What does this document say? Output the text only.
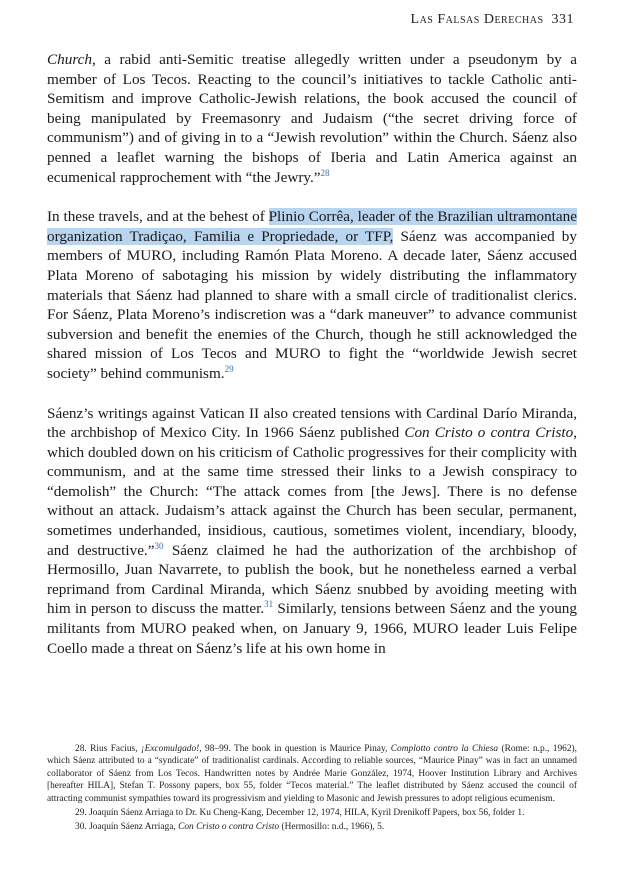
Las Falsas Derechas 331

Church, a rabid anti-Semitic treatise allegedly written under a pseudonym by a member of Los Tecos. Reacting to the council’s initiatives to tackle Catholic anti-Semitism and improve Catholic-Jewish relations, the book accused the council of being manipulated by Freemasonry and Judaism (“the secret driving force of communism”) and of giving in to a “Jewish revolution” within the Church. Sáenz also penned a leaflet warning the bishops of Iberia and Latin America against an ecumenical rapprochement with “the Jewry.”$^{28}$

In these travels, and at the behest of Plinio Corrêa, leader of the Brazilian ultramontane organization Tradiçao, Familia e Propriedade, or TFP, Sáenz was accompanied by members of MURO, including Ramón Plata Moreno. A decade later, Sáenz accused Plata Moreno of sabotaging his mission by widely distributing the inflammatory materials that Sáenz had planned to share with a small circle of traditionalist clerics. For Sáenz, Plata Moreno’s indiscretion was a “dark maneuver” to advance communist subversion and benefit the enemies of the Church, though he still acknowledged the shared mission of Los Tecos and MURO to fight the “worldwide Jewish secret society” behind communism.$^{29}$

Sáenz’s writings against Vatican II also created tensions with Cardinal Darío Miranda, the archbishop of Mexico City. In 1966 Sáenz published Con Cristo o contra Cristo, which doubled down on his criticism of Catholic progressives for their complicity with communism, and at the same time stressed their links to a Jewish conspiracy to “demolish” the Church: “The attack comes from [the Jews]. There is no defense without an attack. Judaism’s attack against the Church has been secular, permanent, sometimes underhanded, insidious, cautious, sometimes violent, incendiary, bloody, and destructive.”$^{30}$ Sáenz claimed he had the authorization of the archbishop of Hermosillo, Juan Navarrete, to publish the book, but he nonetheless earned a verbal reprimand from Cardinal Miranda, which Sáenz snubbed by avoiding meeting with him in person to discuss the matter.$^{31}$ Similarly, tensions between Sáenz and the young militants from MURO peaked when, on January 9, 1966, MURO leader Luis Felipe Coello made a threat on Sáenz’s life at his own home in

28. Rius Facius, ¡Excomulgado!, 98–99. The book in question is Maurice Pinay, Complotto contro la Chiesa (Rome: n.p., 1962), which Sáenz attributed to a “syndicate” of traditionalist cardinals. According to reliable sources, “Maurice Pinay” was in fact an unnamed collaborator of Sáenz from Los Tecos. Handwritten notes by Andrée Marie González, 1974, Hoover Institution Library and Archives [hereafter HILA], Stefan T. Possony papers, box 55, folder “Tecos material.” The leaflet distributed by Sáenz accused the council of attracting communist sympathies toward its progressivism and yielding to Masonic and Jewish pressures to adopt religious ecumenism.

29. Joaquín Sáenz Arriaga to Dr. Ku Cheng-Kang, December 12, 1974, HILA, Kyril Drenikoff Papers, box 56, folder 1.

30. Joaquín Sáenz Arriaga, Con Cristo o contra Cristo (Hermosillo: n.d., 1966), 5.
